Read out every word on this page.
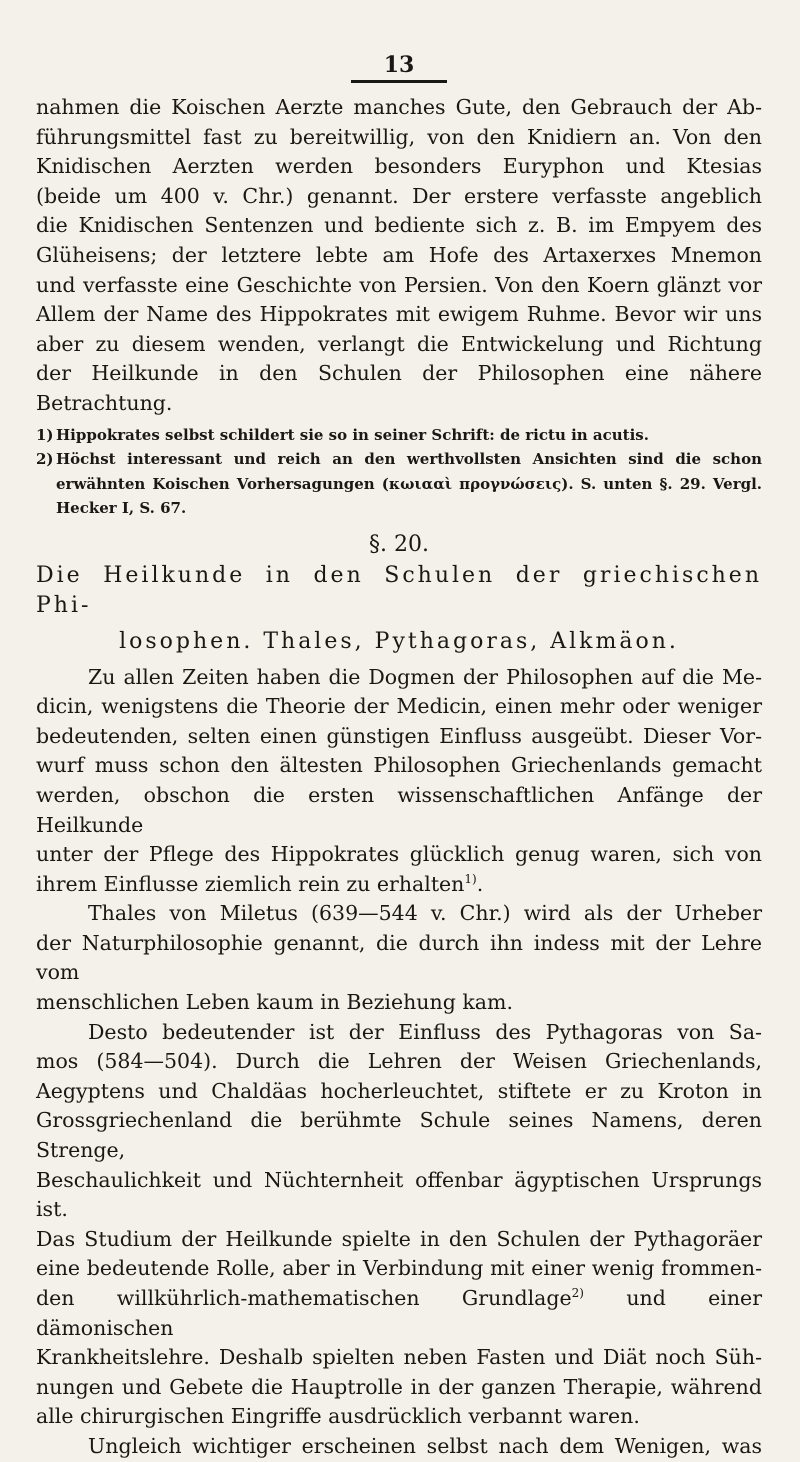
13

nahmen die Koischen Aerzte manches Gute, den Gebrauch der Ab-

führungsmittel fast zu bereitwillig, von den Knidiern an. Von den

Knidischen Aerzten werden besonders Euryphon und Ktesias

(beide um 400 v. Chr.) genannt. Der erstere verfasste angeblich

die Knidischen Sentenzen und bediente sich z. B. im Empyem des

Glüheisens; der letztere lebte am Hofe des Artaxerxes Mnemon

und verfasste eine Geschichte von Persien. Von den Koern glänzt vor

Allem der Name des Hippokrates mit ewigem Ruhme. Bevor wir uns

aber zu diesem wenden, verlangt die Entwickelung und Richtung

der Heilkunde in den Schulen der Philosophen eine nähere Betrachtung.

1) Hippokrates selbst schildert sie so in seiner Schrift: de rictu in acutis.

2) Höchst interessant und reich an den werthvollsten Ansichten sind die schon erwähnten Koischen Vorhersagungen (κωιααὶ προγνώσεις). S. unten §. 29. Vergl. Hecker I, S. 67.

§. 20.

Die Heilkunde in den Schulen der griechischen Phi-

losophen. Thales, Pythagoras, Alkmäon.

Zu allen Zeiten haben die Dogmen der Philosophen auf die Me-

dicin, wenigstens die Theorie der Medicin, einen mehr oder weniger

bedeutenden, selten einen günstigen Einfluss ausgeübt. Dieser Vor-

wurf muss schon den ältesten Philosophen Griechenlands gemacht

werden, obschon die ersten wissenschaftlichen Anfänge der Heilkunde

unter der Pflege des Hippokrates glücklich genug waren, sich von

ihrem Einflusse ziemlich rein zu erhalten$^{1)}$.

Thales von Miletus (639—544 v. Chr.) wird als der Urheber

der Naturphilosophie genannt, die durch ihn indess mit der Lehre vom

menschlichen Leben kaum in Beziehung kam.

Desto bedeutender ist der Einfluss des Pythagoras von Sa-

mos (584—504). Durch die Lehren der Weisen Griechenlands,

Aegyptens und Chaldäas hocherleuchtet, stiftete er zu Kroton in

Grossgriechenland die berühmte Schule seines Namens, deren Strenge,

Beschaulichkeit und Nüchternheit offenbar ägyptischen Ursprungs ist.

Das Studium der Heilkunde spielte in den Schulen der Pythagoräer

eine bedeutende Rolle, aber in Verbindung mit einer wenig frommen-

den willkührlich-mathematischen Grundlage$^{2)}$ und einer dämonischen

Krankheitslehre. Deshalb spielten neben Fasten und Diät noch Süh-

nungen und Gebete die Hauptrolle in der ganzen Therapie, während

alle chirurgischen Eingriffe ausdrücklich verbannt waren.

Ungleich wichtiger erscheinen selbst nach dem Wenigen, was
